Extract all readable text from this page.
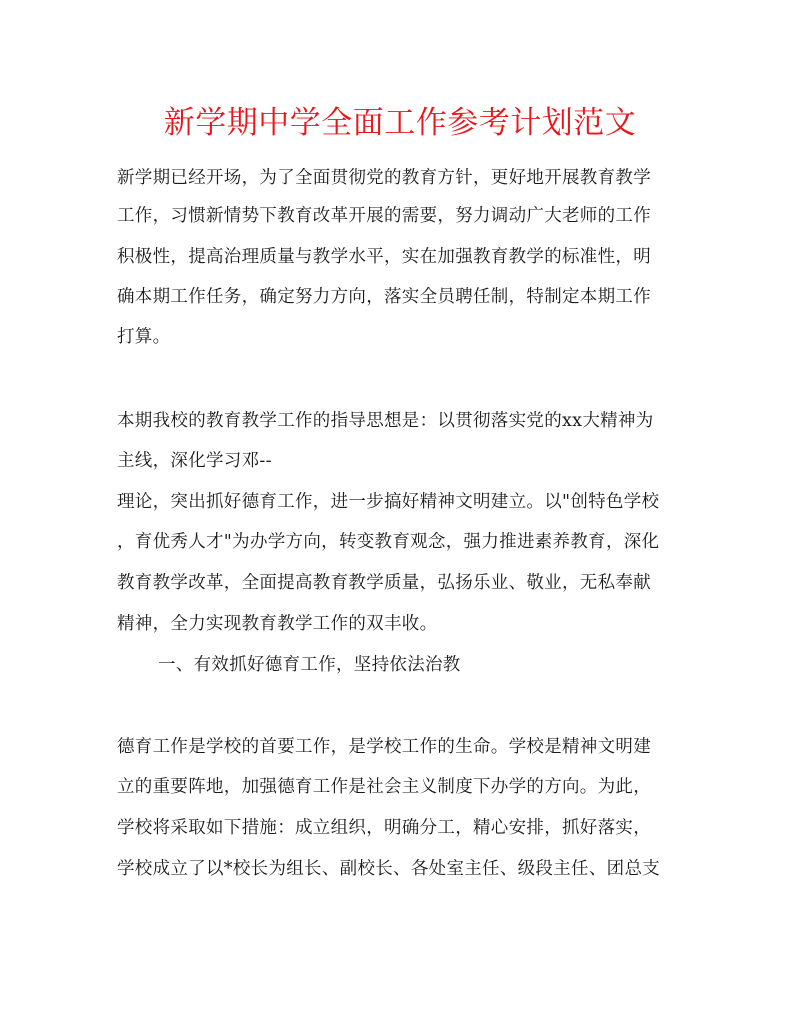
新学期中学全面工作参考计划范文
新学期已经开场，为了全面贯彻党的教育方针，更好地开展教育教学
工作，习惯新情势下教育改革开展的需要，努力调动广大老师的工作
积极性，提高治理质量与教学水平，实在加强教育教学的标准性，明
确本期工作任务，确定努力方向，落实全员聘任制，特制定本期工作
打算。
本期我校的教育教学工作的指导思想是：以贯彻落实党的xx大精神为
主线，深化学习邓--
理论，突出抓好德育工作，进一步搞好精神文明建立。以"创特色学校
，育优秀人才"为办学方向，转变教育观念，强力推进素养教育，深化
教育教学改革，全面提高教育教学质量，弘扬乐业、敬业，无私奉献
精神，全力实现教育教学工作的双丰收。
一、有效抓好德育工作，坚持依法治教
德育工作是学校的首要工作，是学校工作的生命。学校是精神文明建
立的重要阵地，加强德育工作是社会主义制度下办学的方向。为此，
学校将采取如下措施：成立组织，明确分工，精心安排，抓好落实，
学校成立了以*校长为组长、副校长、各处室主任、级段主任、团总支
